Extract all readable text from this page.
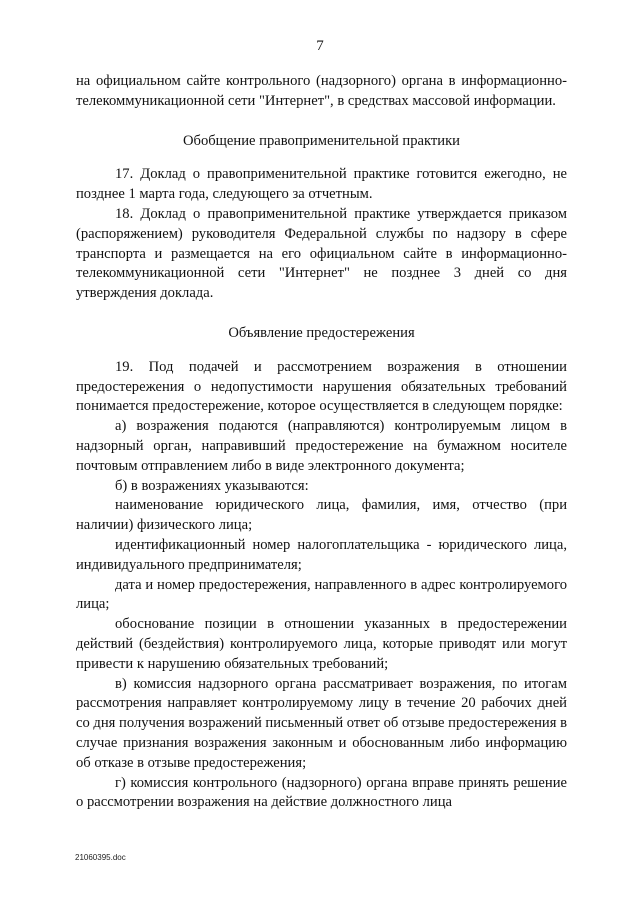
7

на официальном сайте контрольного (надзорного) органа в информационно-телекоммуникационной сети "Интернет", в средствах массовой информации.

Обобщение правоприменительной практики

17. Доклад о правоприменительной практике готовится ежегодно, не позднее 1 марта года, следующего за отчетным.

18. Доклад о правоприменительной практике утверждается приказом (распоряжением) руководителя Федеральной службы по надзору в сфере транспорта и размещается на его официальном сайте в информационно-телекоммуникационной сети "Интернет" не позднее 3 дней со дня утверждения доклада.

Объявление предостережения

19. Под подачей и рассмотрением возражения в отношении предостережения о недопустимости нарушения обязательных требований понимается предостережение, которое осуществляется в следующем порядке:

а) возражения подаются (направляются) контролируемым лицом в надзорный орган, направивший предостережение на бумажном носителе почтовым отправлением либо в виде электронного документа;

б) в возражениях указываются:

наименование юридического лица, фамилия, имя, отчество (при наличии) физического лица;

идентификационный номер налогоплательщика - юридического лица, индивидуального предпринимателя;

дата и номер предостережения, направленного в адрес контролируемого лица;

обоснование позиции в отношении указанных в предостережении действий (бездействия) контролируемого лица, которые приводят или могут привести к нарушению обязательных требований;

в) комиссия надзорного органа рассматривает возражения, по итогам рассмотрения направляет контролируемому лицу в течение 20 рабочих дней со дня получения возражений письменный ответ об отзыве предостережения в случае признания возражения законным и обоснованным либо информацию об отказе в отзыве предостережения;

г) комиссия контрольного (надзорного) органа вправе принять решение о рассмотрении возражения на действие должностного лица

21060395.doc
